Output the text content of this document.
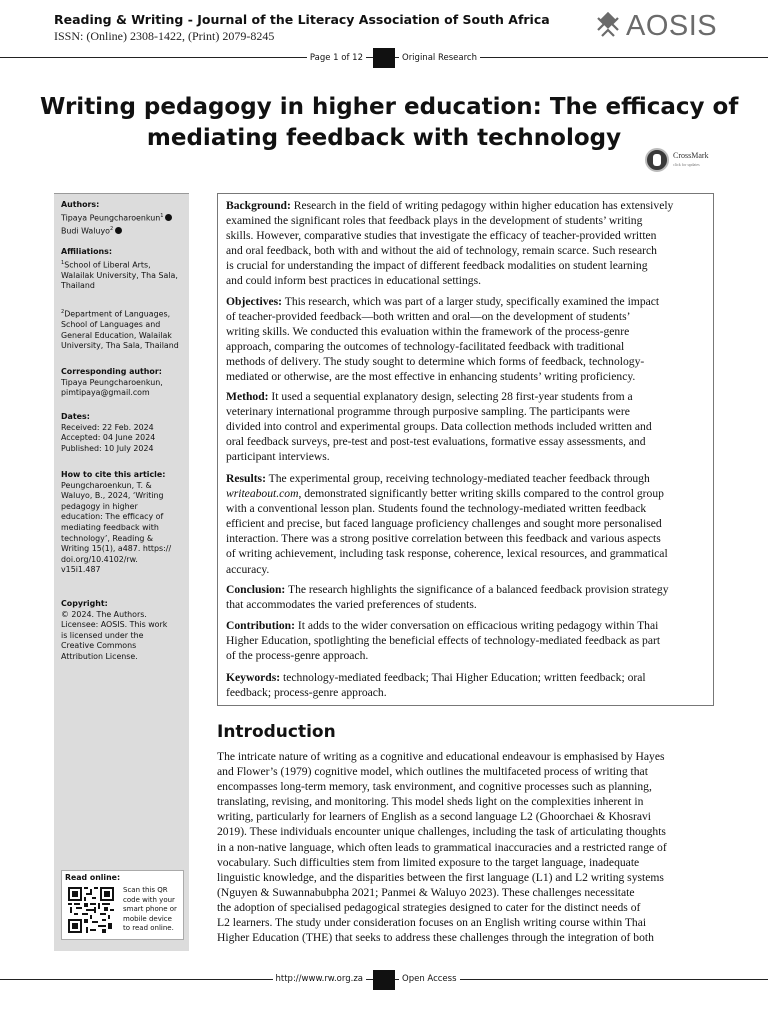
Reading & Writing - Journal of the Literacy Association of South Africa
ISSN: (Online) 2308-1422, (Print) 2079-8245	AOSIS
Page 1 of 12	Original Research
Writing pedagogy in higher education: The efficacy of
mediating feedback with technology
CrossMark
click for updates
Authors:
Tipaya Peungcharoenkun$^1$
Budi Waluyo$^2$
Affiliations:
$^1$School of Liberal Arts,
Walailak University, Tha Sala,
Thailand
$^2$Department of Languages,
School of Languages and
General Education, Walailak
University, Tha Sala, Thailand
Corresponding author:
Tipaya Peungcharoenkun,
pimtipaya@gmail.com
Dates:
Received: 22 Feb. 2024
Accepted: 04 June 2024
Published: 10 July 2024
How to cite this article:
Peungcharoenkun, T. &
Waluyo, B., 2024, ‘Writing
pedagogy in higher
education: The efficacy of
mediating feedback with
technology’, Reading &
Writing 15(1), a487. https://
doi.org/10.4102/rw.
v15i1.487
Copyright:
© 2024. The Authors.
Licensee: AOSIS. This work
is licensed under the
Creative Commons
Attribution License.
Read online:
Scan this QR
code with your
smart phone or
mobile device
to read online.
Background: Research in the field of writing pedagogy within higher education has extensively
examined the significant roles that feedback plays in the development of students’ writing
skills. However, comparative studies that investigate the efficacy of teacher-provided written
and oral feedback, both with and without the aid of technology, remain scarce. Such research
is crucial for understanding the impact of different feedback modalities on student learning
and could inform best practices in educational settings.
Objectives: This research, which was part of a larger study, specifically examined the impact
of teacher-provided feedback—both written and oral—on the development of students’
writing skills. We conducted this evaluation within the framework of the process-genre
approach, comparing the outcomes of technology-facilitated feedback with traditional
methods of delivery. The study sought to determine which forms of feedback, technology-
mediated or otherwise, are the most effective in enhancing students’ writing proficiency.
Method: It used a sequential explanatory design, selecting 28 first-year students from a
veterinary international programme through purposive sampling. The participants were
divided into control and experimental groups. Data collection methods included written and
oral feedback surveys, pre-test and post-test evaluations, formative essay assessments, and
participant interviews.
Results: The experimental group, receiving technology-mediated teacher feedback through
writeabout.com, demonstrated significantly better writing skills compared to the control group
with a conventional lesson plan. Students found the technology-mediated written feedback
efficient and precise, but faced language proficiency challenges and sought more personalised
interaction. There was a strong positive correlation between this feedback and various aspects
of writing achievement, including task response, coherence, lexical resources, and grammatical
accuracy.
Conclusion: The research highlights the significance of a balanced feedback provision strategy
that accommodates the varied preferences of students.
Contribution: It adds to the wider conversation on efficacious writing pedagogy within Thai
Higher Education, spotlighting the beneficial effects of technology-mediated feedback as part
of the process-genre approach.
Keywords: technology-mediated feedback; Thai Higher Education; written feedback; oral
feedback; process-genre approach.
Introduction
The intricate nature of writing as a cognitive and educational endeavour is emphasised by Hayes
and Flower’s (1979) cognitive model, which outlines the multifaceted process of writing that
encompasses long-term memory, task environment, and cognitive processes such as planning,
translating, revising, and monitoring. This model sheds light on the complexities inherent in
writing, particularly for learners of English as a second language L2 (Ghoorchaei & Khosravi
2019). These individuals encounter unique challenges, including the task of articulating thoughts
in a non-native language, which often leads to grammatical inaccuracies and a restricted range of
vocabulary. Such difficulties stem from limited exposure to the target language, inadequate
linguistic knowledge, and the disparities between the first language (L1) and L2 writing systems
(Nguyen & Suwannabubpha 2021; Panmei & Waluyo 2023). These challenges necessitate
the adoption of specialised pedagogical strategies designed to cater for the distinct needs of
L2 learners. The study under consideration focuses on an English writing course within Thai
Higher Education (THE) that seeks to address these challenges through the integration of both
http://www.rw.org.za	Open Access
